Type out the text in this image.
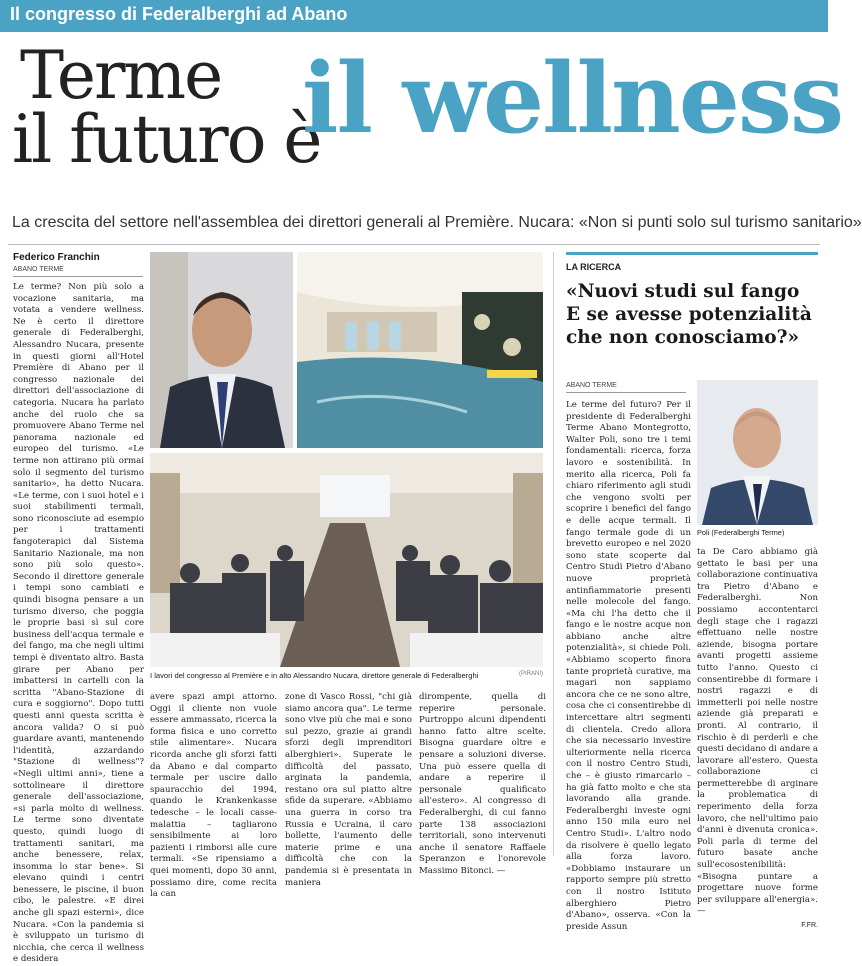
Il congresso di Federalberghi ad Abano
Terme
il futuro è
il wellness
La crescita del settore nell'assemblea dei direttori generali al Première. Nucara: «Non si punti solo sul turismo sanitario»
Federico Franchin
ABANO TERME
Le terme? Non più solo a vocazione sanitaria, ma votata a vendere wellness. Ne è certo il direttore generale di Federalberghi, Alessandro Nucara, presente in questi giorni all'Hotel Première di Abano per il congresso nazionale dei direttori dell'associazione di categoria. Nucara ha parlato anche del ruolo che sa promuovere Abano Terme nel panorama nazionale ed europeo del turismo. «Le terme non attirano più ormai solo il segmento del turismo sanitario», ha detto Nucara. «Le terme, con i suoi hotel e i suoi stabilimenti termali, sono riconosciute ad esempio per i trattamenti fangoterapici dal Sistema Sanitario Nazionale, ma non sono più solo questo». Secondo il direttore generale i tempi sono cambiati e quindi bisogna pensare a un turismo diverso, che poggia le proprie basi sì sul core business dell'acqua termale e del fango, ma che negli ultimi tempi è diventato altro. Basta girare per Abano per imbattersi in cartelli con la scritta "Abano-Stazione di cura e soggiorno". Dopo tutti questi anni questa scritta è ancora valida? O si può guardare avanti, mantenendo l'identità, azzardando "Stazione di wellness"? «Negli ultimi anni», tiene a sottolineare il direttore generale dell'associazione, «si parla molto di wellness. Le terme sono diventate questo, quindi luogo di trattamenti sanitari, ma anche benessere, relax, insomma lo star bene». Si elevano quindi i centri benessere, le piscine, il buon cibo, le palestre. «E direi anche gli spazi esterni», dice Nucara. «Con la pandemia si è sviluppato un turismo di nicchia, che cerca il wellness e desidera
I lavori del congresso al Première e in alto Alessandro Nucara, direttore generale di Federalberghi	(PIRANI)
avere spazi ampi attorno. Oggi il cliente non vuole essere ammassato, ricerca la forma fisica e uno corretto stile alimentare». Nucara ricorda anche gli sforzi fatti da Abano e dal comparto termale per uscire dallo spauracchio del 1994, quando le Krankenkasse tedesche – le locali casse-malattia – tagliarono sensibilmente ai loro pazienti i rimborsi alle cure termali. «Se ripensiamo a quei momenti, dopo 30 anni, possiamo dire, come recita la can
zone di Vasco Rossi, "chi già siamo ancora qua". Le terme sono vive più che mai e sono sul pezzo, grazie ai grandi sforzi degli imprenditori alberghieri». Superate le difficoltà del passato, arginata la pandemia, restano ora sul piatto altre sfide da superare. «Abbiamo una guerra in corso tra Russia e Ucraina, il caro bollette, l'aumento delle materie prime e una difficoltà che con la pandemia si è presentata in maniera
dirompente, quella di reperire personale. Purtroppo alcuni dipendenti hanno fatto altre scelte. Bisogna guardare oltre e pensare a soluzioni diverse. Una può essere quella di andare a reperire il personale qualificato all'estero». Al congresso di Federalberghi, di cui fanno parte 138 associazioni territoriali, sono intervenuti anche il senatore Raffaele Speranzon e l'onorevole Massimo Bitonci. —
LA RICERCA
«Nuovi studi sul fango E se avesse potenzialità che non conosciamo?»
ABANO TERME
Le terme del futuro? Per il presidente di Federalberghi Terme Abano Montegrotto, Walter Poli, sono tre i temi fondamentali: ricerca, forza lavoro e sostenibilità. In merito alla ricerca, Poli fa chiaro riferimento agli studi che vengono svolti per scoprire i benefici del fango e delle acque termali. Il fango termale gode di un brevetto europeo e nel 2020 sono state scoperte dal Centro Studi Pietro d'Abano nuove proprietà antinfiammatorie presenti nelle molecole del fango. «Ma chi l'ha detto che il fango e le nostre acque non abbiano anche altre potenzialità», si chiede Poli. «Abbiamo scoperto finora tante proprietà curative, ma magari non sappiamo ancora che ce ne sono altre, cosa che ci consentirebbe di intercettare altri segmenti di clientela. Credo allora che sia necessario investire ulteriormente nella ricerca con il nostro Centro Studi, che – è giusto rimarcarlo – ha già fatto molto e che sta lavorando alla grande. Federalberghi investe ogni anno 150 mila euro nel Centro Studi». L'altro nodo da risolvere è quello legato alla forza lavoro. «Dobbiamo instaurare un rapporto sempre più stretto con il nostro Istituto alberghiero Pietro d'Abano», osserva. «Con la preside Assun
Poli (Federalberghi Terme)
ta De Caro abbiamo già gettato le basi per una collaborazione continuativa tra Pietro d'Abano e Federalberghi. Non possiamo accontentarci degli stage che i ragazzi effettuano nelle nostre aziende, bisogna portare avanti progetti assieme tutto l'anno. Questo ci consentirebbe di formare i nostri ragazzi e di immetterli poi nelle nostre aziende già preparati e pronti. Al contrario, il rischio è di perderli e che questi decidano di andare a lavorare all'estero. Questa collaborazione ci permetterebbe di arginare la problematica di reperimento della forza lavoro, che nell'ultimo paio d'anni è divenuta cronica». Poli parla di terme del futuro basate anche sull'ecosostenibilità: «Bisogna puntare a progettare nuove forme per sviluppare all'energia». —
F.FR.
